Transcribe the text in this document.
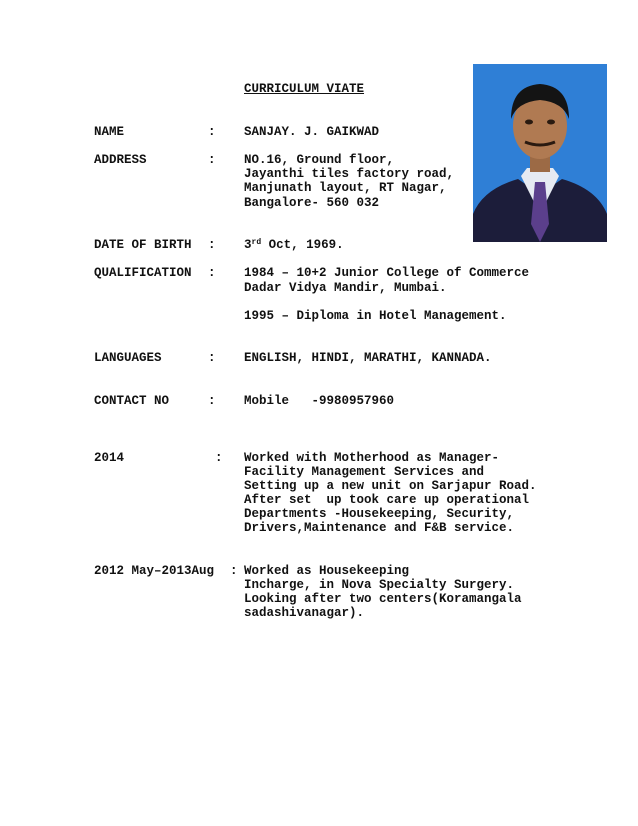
CURRICULUM VIATE
NAME	: SANJAY. J. GAIKWAD
ADDRESS	: NO.16, Ground floor,
Jayanthi tiles factory road,
Manjunath layout, RT Nagar,
Bangalore- 560 032
DATE OF BIRTH : 3rd Oct, 1969.
QUALIFICATION : 1984 – 10+2 Junior College of Commerce
Dadar Vidya Mandir, Mumbai.
1995 – Diploma in Hotel Management.
LANGUAGES	: ENGLISH, HINDI, MARATHI, KANNADA.
CONTACT NO	: Mobile   -9980957960
2014	: Worked with Motherhood as Manager-
Facility Management Services and
Setting up a new unit on Sarjapur Road.
After set  up took care up operational
Departments -Housekeeping, Security,
Drivers,Maintenance and F&B service.
2012 May–2013Aug : Worked as Housekeeping
Incharge, in Nova Specialty Surgery.
Looking after two centers(Koramangala
sadashivanagar).
